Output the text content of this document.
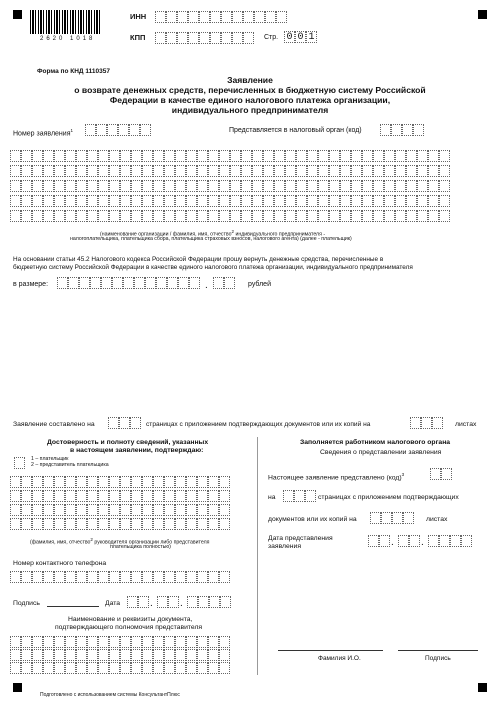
2620 1018
ИНН
КПП	Стр. 0 0 1
Форма по КНД 1110357
Заявление
о возврате денежных средств, перечисленных в бюджетную систему Российской
Федерации в качестве единого налогового платежа организации,
индивидуального предпринимателя
Номер заявления$^1$	Представляется в налоговый орган (код)
(наименование организации / фамилия, имя, отчество2 индивидуального предпринимателя -
налогоплательщика, плательщика сбора, плательщика страховых взносов, налогового агента) (далее - плательщик)
На основании статьи 45.2 Налогового кодекса Российской Федерации прошу вернуть денежные средства, перечисленные в
бюджетную систему Российской Федерации в качестве единого налогового платежа организации, индивидуального предпринимателя
в размере:	.	рублей
Заявление составлено на	страницах с приложением подтверждающих документов или их копий на	листах
Достоверность и полноту сведений, указанных
в настоящем заявлении, подтверждаю:
1 – плательщик
2 – представитель плательщика
(фамилия, имя, отчество2 руководителя организации либо представителя
плательщика полностью)
Номер контактного телефона
Подпись	Дата	.	.
Наименование и реквизиты документа,
подтверждающего полномочия представителя
Заполняется работником налогового органа
Сведения о представлении заявления
Настоящее заявление представлено (код)$^3$
на	страницах с приложением подтверждающих
документов или их копий на	листах
Дата представления
заявления	.	.
Фамилия И.О.	Подпись
Подготовлено с использованием системы КонсультантПлюс
